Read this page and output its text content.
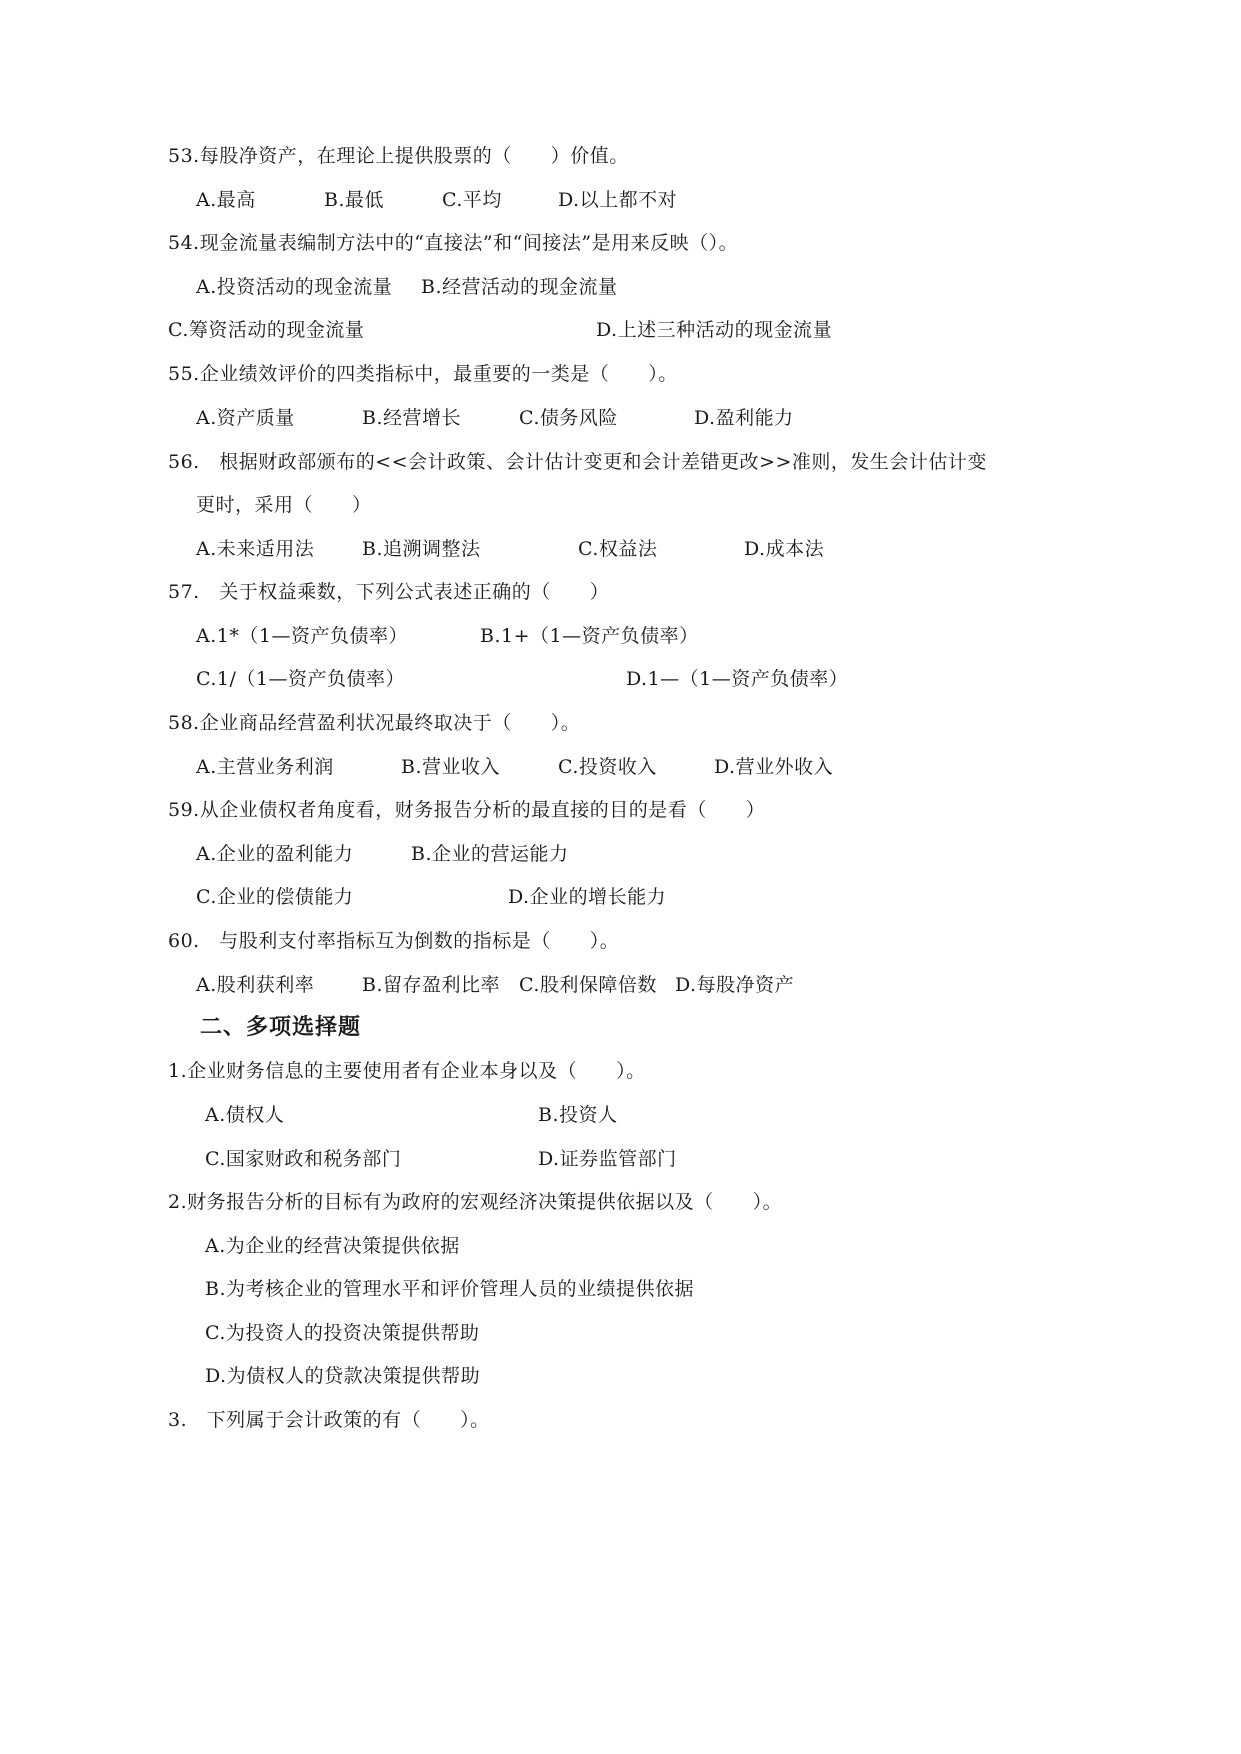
53.每股净资产，在理论上提供股票的（　　）价值。
A.最高	B.最低	C.平均	D.以上都不对
54.现金流量表编制方法中的“直接法”和“间接法”是用来反映（）。
A.投资活动的现金流量 B.经营活动的现金流量
C.筹资活动的现金流量	D.上述三种活动的现金流量
55.企业绩效评价的四类指标中，最重要的一类是（　　）。
A.资产质量	B.经营增长	C.债务风险	D.盈利能力
56.　根据财政部颁布的<<会计政策、会计估计变更和会计差错更改>>准则，发生会计估计变
更时，采用（　　）
A.未来适用法	B.追溯调整法	C.权益法	D.成本法
57.　关于权益乘数，下列公式表述正确的（　　）
A.1*（1—资产负债率）	B.1+（1—资产负债率）
C.1/（1—资产负债率）	D.1—（1—资产负债率）
58.企业商品经营盈利状况最终取决于（　　）。
A.主营业务利润	B.营业收入	C.投资收入	D.营业外收入
59.从企业债权者角度看，财务报告分析的最直接的目的是看（　　）
A.企业的盈利能力	B.企业的营运能力
C.企业的偿债能力	D.企业的增长能力
60.　与股利支付率指标互为倒数的指标是（　　）。
A.股利获利率	B.留存盈利比率 C.股利保障倍数 D.每股净资产
二、多项选择题
1.企业财务信息的主要使用者有企业本身以及（　　）。
A.债权人	B.投资人
C.国家财政和税务部门	D.证券监管部门
2.财务报告分析的目标有为政府的宏观经济决策提供依据以及（　　）。
A.为企业的经营决策提供依据
B.为考核企业的管理水平和评价管理人员的业绩提供依据
C.为投资人的投资决策提供帮助
D.为债权人的贷款决策提供帮助
3.　下列属于会计政策的有（　　）。
